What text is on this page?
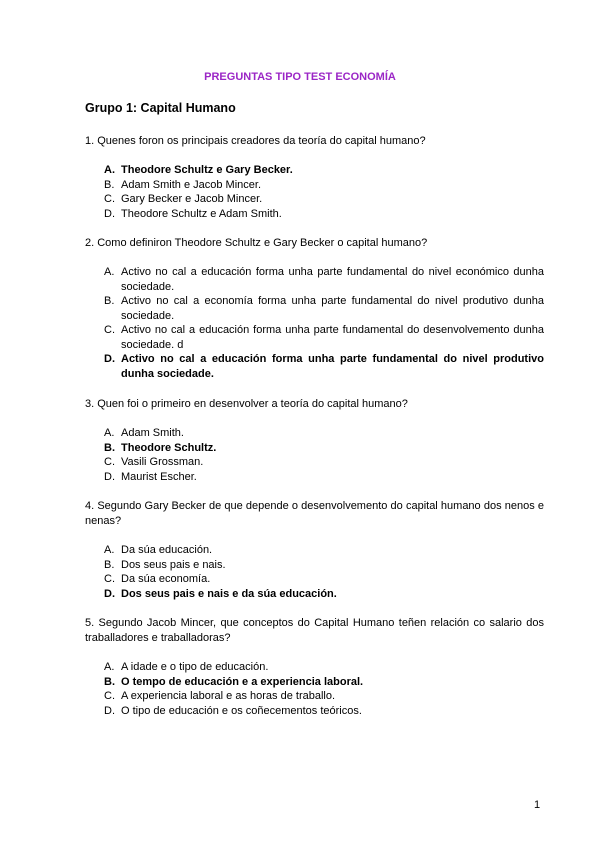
PREGUNTAS TIPO TEST ECONOMÍA
Grupo 1: Capital Humano
1. Quenes foron os principais creadores da teoría do capital humano?
A. Theodore Schultz e Gary Becker.
B. Adam Smith e Jacob Mincer.
C. Gary Becker e Jacob Mincer.
D. Theodore Schultz e Adam Smith.
2. Como definiron Theodore Schultz e Gary Becker o capital humano?
A. Activo no cal a educación forma unha parte fundamental do nivel económico dunha sociedade.
B. Activo no cal a economía forma unha parte fundamental do nivel produtivo dunha sociedade.
C. Activo no cal a educación forma unha parte fundamental do desenvolvemento dunha sociedade. d
D. Activo no cal a educación forma unha parte fundamental do nivel produtivo dunha sociedade.
3. Quen foi o primeiro en desenvolver a teoría do capital humano?
A. Adam Smith.
B. Theodore Schultz.
C. Vasili Grossman.
D. Maurist Escher.
4. Segundo Gary Becker de que depende o desenvolvemento do capital humano dos nenos e nenas?
A. Da súa educación.
B. Dos seus pais e nais.
C. Da súa economía.
D. Dos seus pais e nais e da súa educación.
5. Segundo Jacob Mincer, que conceptos do Capital Humano teñen relación co salario dos traballadores e traballadoras?
A. A idade e o tipo de educación.
B. O tempo de educación e a experiencia laboral.
C. A experiencia laboral e as horas de traballo.
D. O tipo de educación e os coñecementos teóricos.
1
